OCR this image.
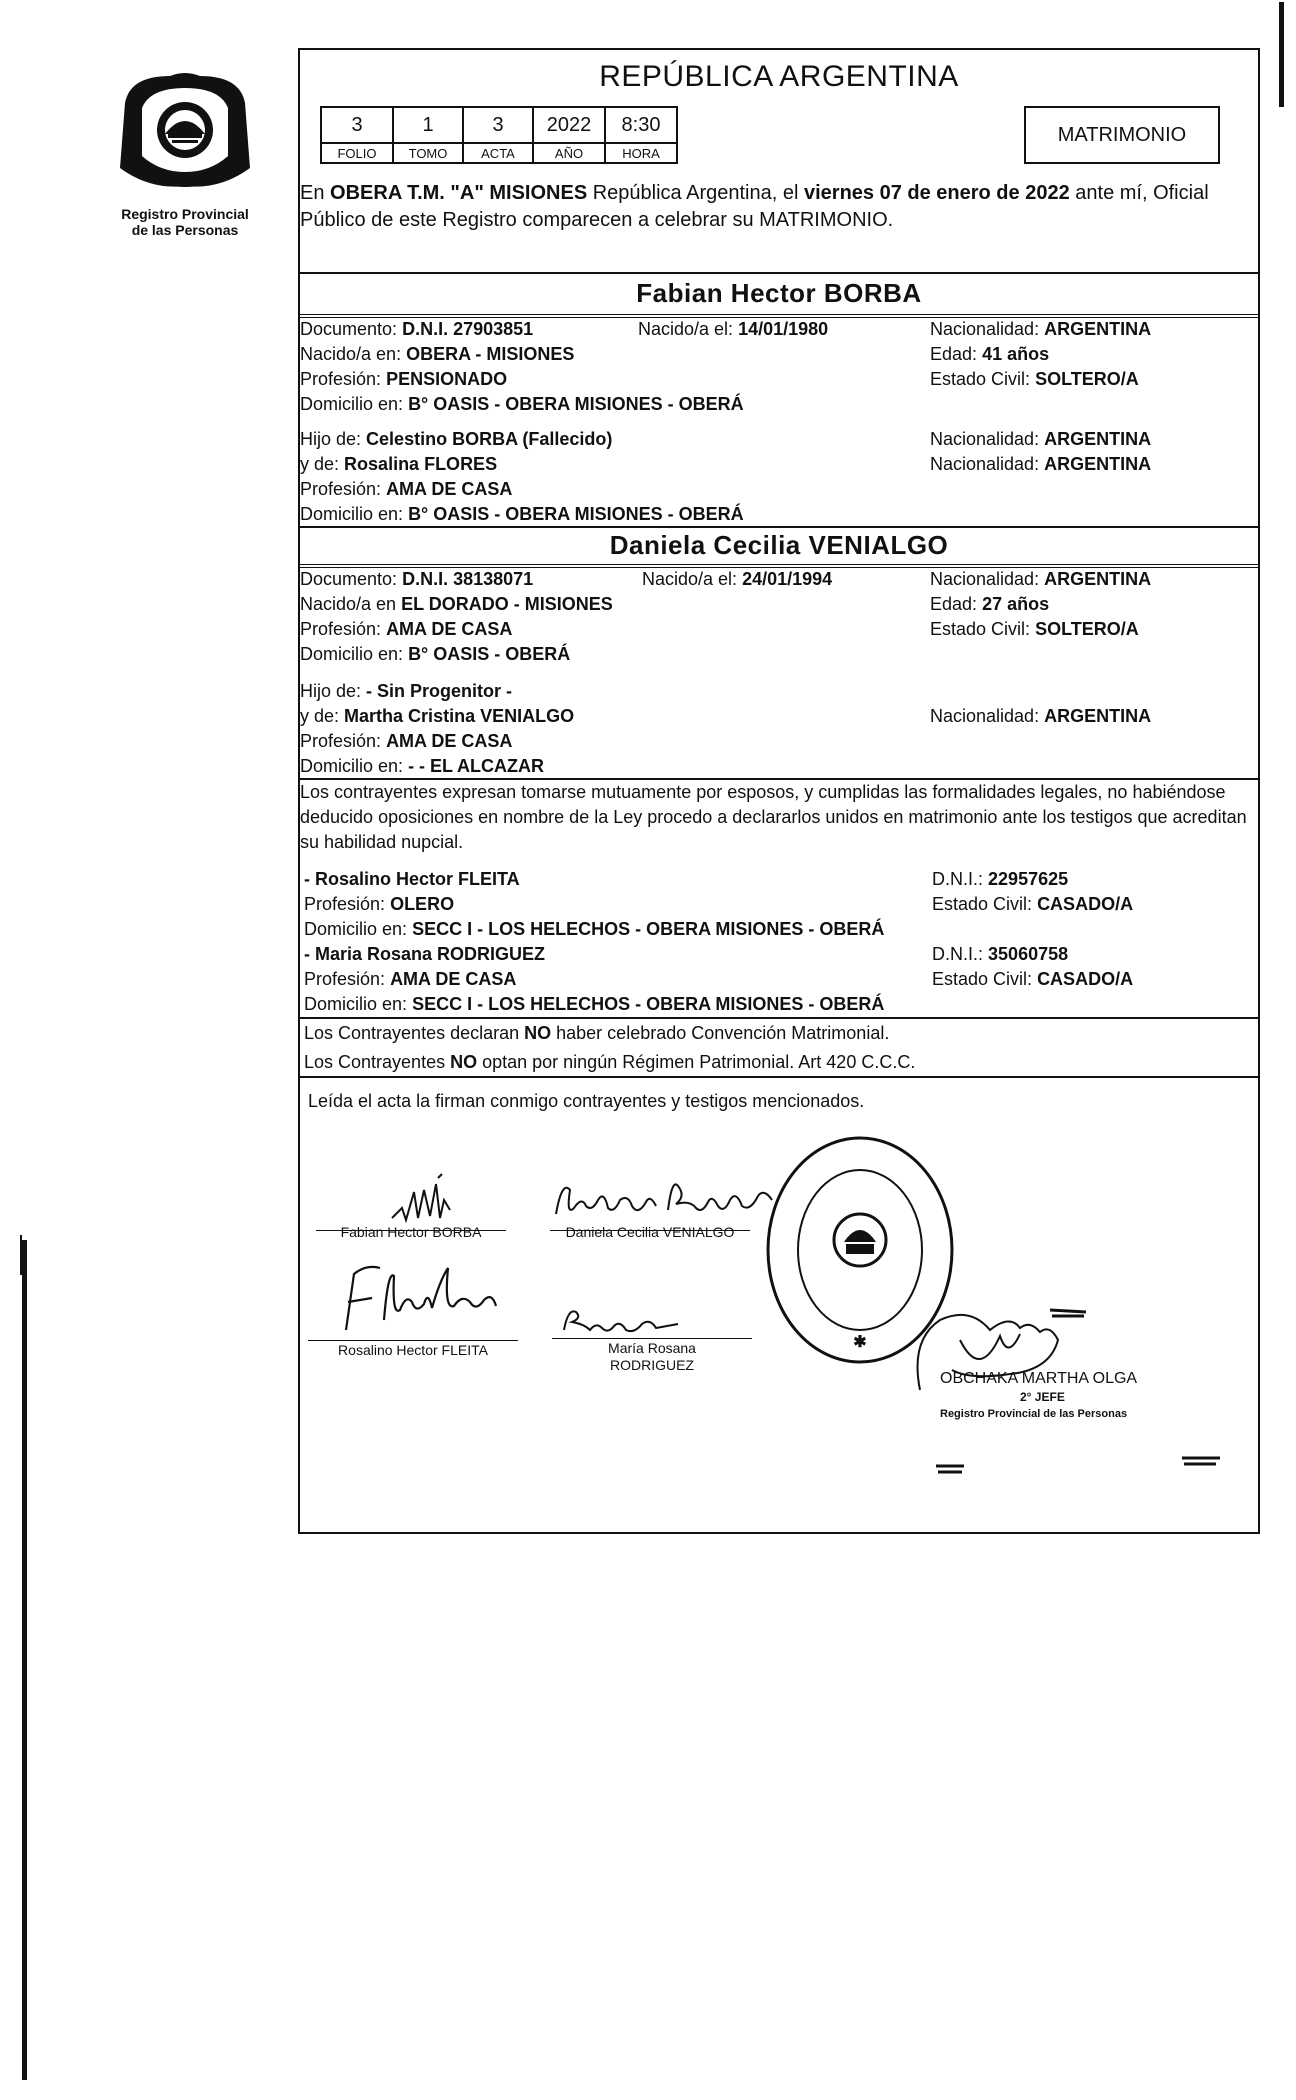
Registro Provincial
de las Personas
REPÚBLICA ARGENTINA
3	1	3	2022	8:30
FOLIO	TOMO	ACTA	AÑO	HORA
MATRIMONIO
En OBERA T.M. "A" MISIONES República Argentina, el viernes 07 de enero de 2022 ante mí, Oficial Público de este Registro comparecen a celebrar su MATRIMONIO.
Fabian Hector BORBA
Documento: D.N.I. 27903851	Nacido/a el: 14/01/1980	Nacionalidad: ARGENTINA
Nacido/a en: OBERA - MISIONES	Edad: 41 años
Profesión: PENSIONADO	Estado Civil: SOLTERO/A
Domicilio en: B° OASIS - OBERA MISIONES - OBERÁ
Hijo de: Celestino BORBA (Fallecido)	Nacionalidad: ARGENTINA
y de: Rosalina FLORES	Nacionalidad: ARGENTINA
Profesión: AMA DE CASA
Domicilio en: B° OASIS - OBERA MISIONES - OBERÁ
Daniela Cecilia VENIALGO
Documento: D.N.I. 38138071	Nacido/a el: 24/01/1994	Nacionalidad: ARGENTINA
Nacido/a en EL DORADO - MISIONES	Edad: 27 años
Profesión: AMA DE CASA	Estado Civil: SOLTERO/A
Domicilio en: B° OASIS - OBERÁ
Hijo de: - Sin Progenitor -
y de: Martha Cristina VENIALGO	Nacionalidad: ARGENTINA
Profesión: AMA DE CASA
Domicilio en: - - EL ALCAZAR
Los contrayentes expresan tomarse mutuamente por esposos, y cumplidas las formalidades legales, no habiéndose deducido oposiciones en nombre de la Ley procedo a declararlos unidos en matrimonio ante los testigos que acreditan su habilidad nupcial.
- Rosalino Hector FLEITA	D.N.I.: 22957625
Profesión: OLERO	Estado Civil: CASADO/A
Domicilio en: SECC I - LOS HELECHOS - OBERA MISIONES - OBERÁ
- Maria Rosana RODRIGUEZ	D.N.I.: 35060758
Profesión: AMA DE CASA	Estado Civil: CASADO/A
Domicilio en: SECC I - LOS HELECHOS - OBERA MISIONES - OBERÁ
Los Contrayentes declaran NO haber celebrado Convención Matrimonial.
Los Contrayentes NO optan por ningún Régimen Patrimonial. Art 420 C.C.C.
Leída el acta la firman conmigo contrayentes y testigos mencionados.
Fabian Hector BORBA	Daniela Cecilia VENIALGO
Rosalino Hector FLEITA	María Rosana
RODRIGUEZ
✱
OBCHAKA MARTHA OLGA
2° JEFE
Registro Provincial de las Personas
